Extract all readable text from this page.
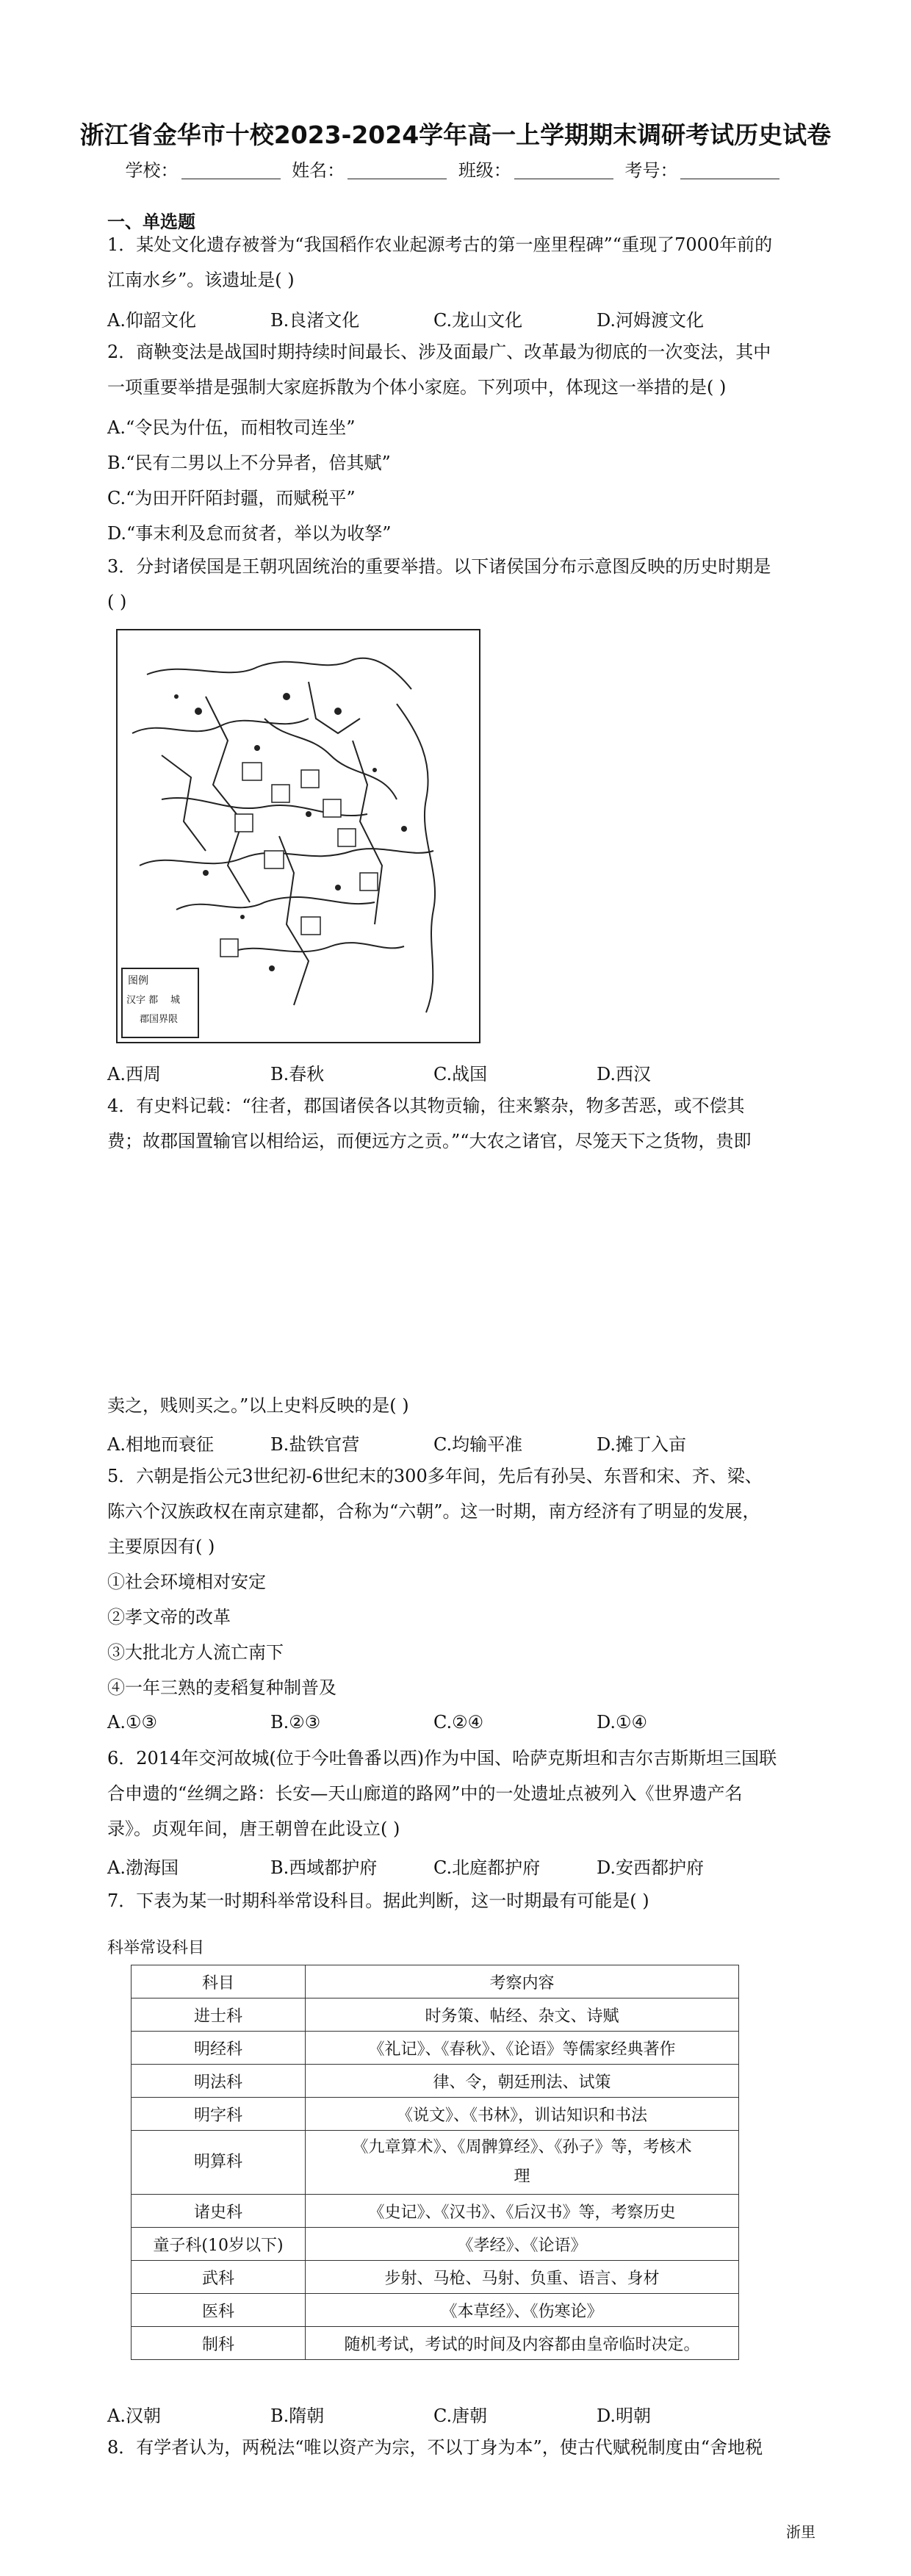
浙江省金华市十校2023-2024学年高一上学期期末调研考试历史试卷
学校：	姓名：	班级：	考号：
一、单选题
1．某处文化遗存被誉为“我国稻作农业起源考古的第一座里程碑”“重现了7000年前的
江南水乡”。该遗址是( )
A.仰韶文化	B.良渚文化	C.龙山文化	D.河姆渡文化
2．商鞅变法是战国时期持续时间最长、涉及面最广、改革最为彻底的一次变法，其中
一项重要举措是强制大家庭拆散为个体小家庭。下列项中，体现这一举措的是( )
A.“令民为什伍，而相牧司连坐”
B.“民有二男以上不分异者，倍其赋”
C.“为田开阡陌封疆，而赋税平”
D.“事末利及怠而贫者，举以为收孥”
3．分封诸侯国是王朝巩固统治的重要举措。以下诸侯国分布示意图反映的历史时期是
( )
图例
汉字 都 城
郡国界限
A.西周	B.春秋	C.战国	D.西汉
4．有史料记载：“往者，郡国诸侯各以其物贡输，往来繁杂，物多苦恶，或不偿其
费；故郡国置输官以相给运，而便远方之贡。”“大农之诸官，尽笼天下之货物，贵即
卖之，贱则买之。”以上史料反映的是( )
A.相地而衰征	B.盐铁官营	C.均输平准	D.摊丁入亩
5．六朝是指公元3世纪初-6世纪末的300多年间，先后有孙吴、东晋和宋、齐、梁、
陈六个汉族政权在南京建都，合称为“六朝”。这一时期，南方经济有了明显的发展，
主要原因有( )
①社会环境相对安定
②孝文帝的改革
③大批北方人流亡南下
④一年三熟的麦稻复种制普及
A.①③	B.②③	C.②④	D.①④
6．2014年交河故城(位于今吐鲁番以西)作为中国、哈萨克斯坦和吉尔吉斯斯坦三国联
合申遗的“丝绸之路：长安—天山廊道的路网”中的一处遗址点被列入《世界遗产名
录》。贞观年间，唐王朝曾在此设立( )
A.渤海国	B.西域都护府	C.北庭都护府	D.安西都护府
7．下表为某一时期科举常设科目。据此判断，这一时期最有可能是( )
科举常设科目
科目	考察内容
进士科	时务策、帖经、杂文、诗赋
明经科	《礼记》、《春秋》、《论语》等儒家经典著作
明法科	律、令，朝廷刑法、试策
明字科	《说文》、《书林》，训诂知识和书法
明算科	《九章算术》、《周髀算经》、《孙子》等，考核术
理
诸史科	《史记》、《汉书》、《后汉书》等，考察历史
童子科(10岁以下)	《孝经》、《论语》
武科	步射、马枪、马射、负重、语言、身材
医科	《本草经》、《伤寒论》
制科	随机考试，考试的时间及内容都由皇帝临时决定。
A.汉朝	B.隋朝	C.唐朝	D.明朝
8．有学者认为，两税法“唯以资产为宗，不以丁身为本”，使古代赋税制度由“舍地税
浙里
